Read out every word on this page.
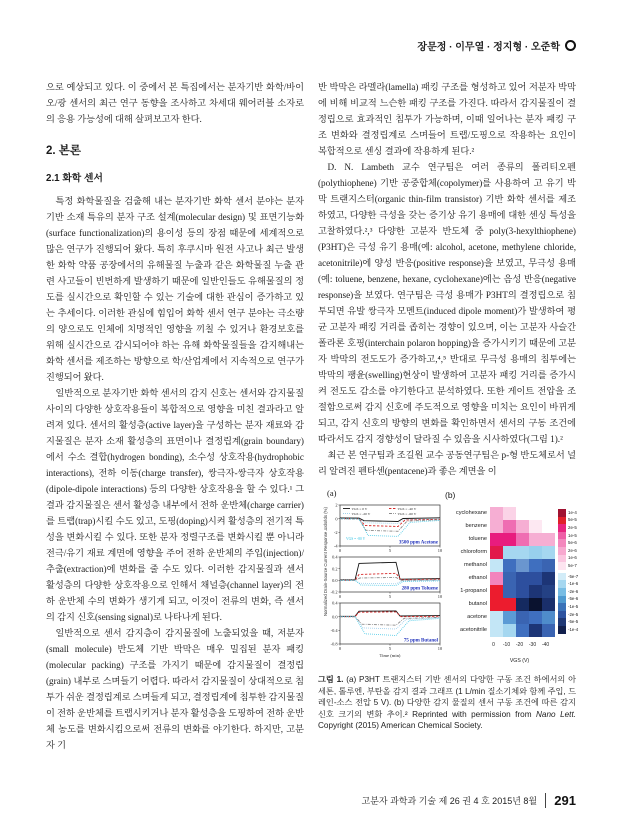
장문정 · 이무열 · 정지형 · 오준학

으로 예상되고 있다. 이 중에서 본 특집에서는 분자기반 화학/바이오/광 센서의 최근 연구 동향을 조사하고 차세대 웨어러블 소자로의 응용 가능성에 대해 살펴보고자 한다.

2. 본론
2.1 화학 센서

특정 화학물질을 검출해 내는 분자기반 화학 센서 분야는 분자기반 소재 특유의 분자 구조 설계(molecular design) 및 표면기능화(surface functionalization)의 용이성 등의 장점 때문에 세계적으로 많은 연구가 진행되어 왔다. 특히 후쿠시마 원전 사고나 최근 발생한 화학 약품 공장에서의 유해물질 누출과 같은 화학물질 누출 관련 사고들이 빈번하게 발생하기 때문에 일반인들도 유해물질의 정도를 실시간으로 확인할 수 있는 기술에 대한 관심이 증가하고 있는 추세이다. 이러한 관심에 힘입어 화학 센서 연구 분야는 극소량의 양으로도 인체에 치명적인 영향을 끼칠 수 있거나 환경보호를 위해 실시간으로 감시되어야 하는 유해 화학물질들을 감지해내는 화학 센서를 제조하는 방향으로 학/산업계에서 지속적으로 연구가 진행되어 왔다.

일반적으로 분자기반 화학 센서의 감지 신호는 센서와 감지물질 사이의 다양한 상호작용들이 복합적으로 영향을 미친 결과라고 알려져 있다. 센서의 활성층(active layer)을 구성하는 분자 재료와 감지물질은 분자 소재 활성층의 표면이나 결정립계(grain boundary)에서 수소 결합(hydrogen bonding), 소수성 상호작용(hydrophobic interactions), 전하 이동(charge transfer), 쌍극자-쌍극자 상호작용(dipole-dipole interactions) 등의 다양한 상호작용을 할 수 있다.¹ 그 결과 감지물질은 센서 활성층 내부에서 전하 운반체(charge carrier)를 트랩(trap)시킬 수도 있고, 도핑(doping)시켜 활성층의 전기적 특성을 변화시킬 수 있다. 또한 분자 정렬구조를 변화시킬 뿐 아니라 전극/유기 재료 계면에 영향을 주어 전하 운반체의 주입(injection)/추출(extraction)에 변화를 줄 수도 있다. 이러한 감지물질과 센서 활성층의 다양한 상호작용으로 인해서 채널층(channel layer)의 전하 운반체 수의 변화가 생기게 되고, 이것이 전류의 변화, 즉 센서의 감지 신호(sensing signal)로 나타나게 된다.

일반적으로 센서 감지층이 감지물질에 노출되었을 때, 저분자(small molecule) 반도체 기반 박막은 매우 밀집된 분자 패킹(molecular packing) 구조를 가지기 때문에 감지물질이 결정립(grain) 내부로 스며들기 어렵다. 따라서 감지물질이 상대적으로 침투가 쉬운 결정립계로 스며들게 되고, 결정립계에 침투한 감지물질이 전하 운반체를 트랩시키거나 분자 활성층을 도핑하여 전하 운반체 농도를 변화시킴으로써 전류의 변화를 야기한다. 하지만, 고분자 기

반 박막은 라멜라(lamella) 패킹 구조를 형성하고 있어 저분자 박막에 비해 비교적 느슨한 패킹 구조를 가진다. 따라서 감지물질이 결정립으로 효과적인 침투가 가능하며, 이때 일어나는 분자 패킹 구조 변화와 결정립계로 스며들어 트랩/도핑으로 작용하는 요인이 복합적으로 센싱 결과에 작용하게 된다.²

D. N. Lambeth 교수 연구팀은 여러 종류의 폴리티오펜(polythiophene) 기반 공중합체(copolymer)를 사용하여 고 유기 박막 트랜지스터(organic thin-film transistor) 기반 화학 센서를 제조하였고, 다양한 극성을 갖는 증기상 유기 용매에 대한 센싱 특성을 고찰하였다.²,³ 다양한 고분자 반도체 중 poly(3-hexylthiophene) (P3HT)은 극성 유기 용매(예: alcohol, acetone, methylene chloride, acetonitrile)에 양성 반응(positive response)을 보였고, 무극성 용매(예: toluene, benzene, hexane, cyclohexane)에는 음성 반응(negative response)을 보였다. 연구팀은 극성 용매가 P3HT의 결정립으로 침투되면 유발 쌍극자 모멘트(induced dipole moment)가 발생하여 평균 고분자 패킹 거리를 좁히는 경향이 있으며, 이는 고분자 사슬간 폴라론 호핑(interchain polaron hopping)을 증가시키기 때문에 고분자 박막의 전도도가 증가하고,⁴,⁵ 반대로 무극성 용매의 침투에는 박막의 팽윤(swelling)현상이 발생하여 고분자 패킹 거리를 증가시켜 전도도 감소를 야기한다고 분석하였다. 또한 게이트 전압을 조절함으로써 감지 신호에 주도적으로 영향을 미치는 요인이 바뀌게 되고, 감지 신호의 방향의 변화를 확인하면서 센서의 구동 조건에 따라서도 감지 경향성이 달라질 수 있음을 시사하였다(그림 1).²

최근 본 연구팀과 조길원 교수 공동연구팀은 p-형 반도체로서 널리 알려진 펜타센(pentacene)과 좋은 계면을 이

Normalized Drain-Source Current Response ΔIds/Ids (%)
(a)
2
0
-2
-4
0	5	10
VGS = 0 V	VGS = -40 V
VGS = -20 V	VGS = -60 V
VGS = -80 V
3500 ppm Acetone
0.4
0.2
0.0
-0.2
0	5	10
280 ppm Toluene
0.4
0.0
-0.4
-0.8
0	5	10
75 ppm Butanol
Time (min)
(b)
cyclohexane
benzene
toluene
chloroform
methanol
ethanol
1-propanol
butanol
acetone
acetonitrile
1e-4
5e-5
2e-5
1e-5
5e-6
2e-6
1e-6
5e-7
-5e-7
-1e-6
-2e-6
-5e-6
-1e-5
-2e-5
-5e-5
-1e-4
0	-10	-20	-30	-40
VGS (V)
그림 1. (a) P3HT 트랜지스터 기반 센서의 다양한 구동 조건 하에서의 아세톤, 톨루엔, 부탄올 감지 결과 그래프 (1 L/min 질소기체와 함께 주입, 드레인-소스 전압 5 V). (b) 다양한 감지 물질의 센서 구동 조건에 따른 감지 신호 크기의 변화 추이.² Reprinted with permission from Nano Lett. Copyright (2015) American Chemical Society.
고분자 과학과 기술 제 26 권 4 호 2015년 8월 291
